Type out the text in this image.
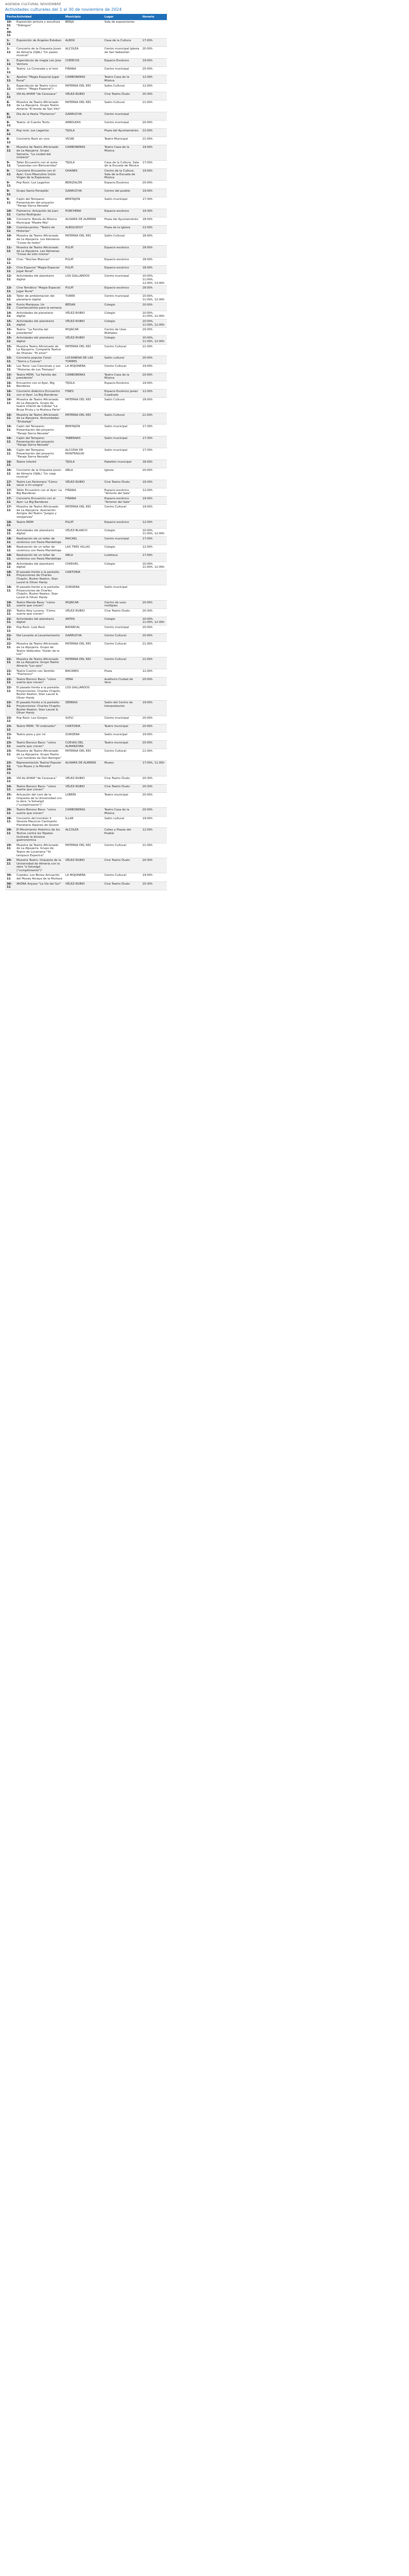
AGENDA CULTURAL NOVIEMBRE
Actividades culturales del 1 al 30 de noviembre de 2024
Fecha	Actividad	Municipio	Lugar	Horario
10-31 a 30-11	Exposición pintura y escultura "Diálogos"	BERJA	Sala de exposiciones	
1-11	Exposición de Ángeles Esteban	ALBOX	Casa de la Cultura	17:00h
1-11	Concierto de la Orquesta Joven de Almería (OJAL) "Un paseo musical"	ALCOLEA	Centro municipal Iglesia de San Sebastián	20:00h
1-11	Espectáculo de magia con Jose Ventura	CHERCOS	Espacio Escénico	19:00h
1-11	Teatro: La Coronada y el toro	FIÑANA	Centro municipal	20:00h
1-11	Ajedrez "Magia Espacial Jugar Rural"	CARBONERAS	Teatro Casa de la Música	12:00h
1-11	Espectáculo de Teatro (circo clásico: "Magia Espacial")	PATERNA DEL RÍO	Salón Cultural	12:00h
1-11	VIII-AL-KHAM "de Caravaca"	VÉLEZ-RUBIO	Cine Teatro Óvalo	20:30h
8-11	Muestra de Teatro Aficionado de La Alpujarra. Grupo Teatro Almería "El borde de San Vito"	PATERNA DEL RÍO	Salón Cultural	21:00h
8-11	Día de la fiesta "Flamenco"	GARRUCHA	Centro municipal	
8-11	Teatro: el Cuento Tonto	ARBOLEAS	Centro municipal	20:00h
8-11	Pop rock: Los Lagartos	TIJOLA	Plaza del Ayuntamiento	22:00h
8-11	Concierto Rock en vivo	VÍCAR	Teatro Municipal	21:00h
9-11	Muestra de Teatro Aficionado de La Alpujarra. Grupo Samaria. "La ciudad del misterio"	CARBONERAS	Teatro Casa de la Música	19:00h
9-11	Taller Encuentro con el autor "Leyendas con Bienvenidas"	TÍJOLA	Casa de la Cultura. Sala de la Escuela de Música	17:00h
9-11	Concierto Encuentro con el Ayer: Coro Masculino Unión Virgen de la Esperanza	OHANES	Centro de la Cultura. Sala de la Escuela de Música	19:00h
9-11	Pop Rock: Los Lagartos	BENIZALÓN	Espacio Escénico	20:00h
9-11	Grupo Santo Peneplán	GARRUCHA	Centro del pueblo	19:00h
9-11	Cajón del Tempano: Presentación del proyecto "Paraje Sierra Nevada"	BENTAJÓN	Salón municipal	17:30h
10-11	Flamenco: Actuación de Juan Carlos Rodríguez	PURCHENA	Espacio escénico	19:30h
10-11	Concierto: Banda de Música Municipal "Madre Mía"	ALHAMA DE ALMERÍA	Plaza del Ayuntamiento	18:00h
10-11	Cuentacuentos: "Teatro de Historias"	ALBOLODUY	Plaza de la Iglesia	12:00h
10-11	Muestra de Teatro Aficionado de La Alpujarra. Los Kelvianos "Cosas de todos"	PATERNA DEL RÍO	Salón Cultural	18:00h
11-11	Muestra de Teatro Aficionado de La Alpujarra. Las Kelsianas "Cosas de solo mismo"	PULPÍ	Espacio escénico	18:00h
12-11	Cine: "Noches Blancas"	PULPÍ	Espacio escénico	18:00h
12-11	Cine Espacial "Magia Espacial Jugar Rural"	PULPÍ	Espacio escénico	18:00h
12-11	Actividades del planetario digital	LOS GALLARDOS	Centro municipal	10:00h, 11:00h, 12:00h, 13:00h
13-11	Cine Temático "Magia Espacial Jugar Rural"	PULPÍ	Espacio escénico	18:00h
13-11	Taller de ambientación del planetario digital	TURRE	Centro municipal	10:00h, 11:00h, 12:00h
14-11	Punto Mariposa: Un Cuentacuentos para la semana	BÉDAR	Colegio	10:00h
14-11	Actividades de planetario digital	VÉLEZ-RUBIO	Colegio	10:00h, 11:00h, 12:00h
15-11	Actividades del planetario digital	VÉLEZ-RUBIO	Colegio	10:00h, 11:00h, 12:00h
15-11	Teatro: "La Familia del presidente"	MOJÁCAR	Centro de Usos Múltiples	20:00h
15-11	Actividades del planetario digital	VÉLEZ-RUBIO	Colegio	10:00h, 11:00h, 12:00h
15-11	Muestra Teatro Aficionado de La Alpujarra. Compañía Teatral de Ohanes: "El amor"	PATERNA DEL RÍO	Centro Cultural	21:00h
15-11	Concierto popular Coral: "Sierra y Cuevas"	LUCAINENA DE LAS TORRES	Salón cultural	20:00h
15-11	Los Toros: Las Canciones y sus "Historias de Los Tiempos"	LA MOJONERA	Centro Cultural	19:00h
15-11	Teatro MDM, "La Familia del presidente"	CARBONERAS	Teatro Casa de la Música	20:00h
16-11	Encuentro con el Ayer, Big Banderas	TÍJOLA	Espacio Escénico	19:00h
16-11	Concierto didáctico Encuentro con el Ayer: La Big Banderas	FINES	Espacio Escénico Javier Cuadrado	12:00h
16-11	Muestra de Teatro Aficionado de La Alpujarra. Grupo de teatro infantil de Cóbdar "La Bruja Pirula y la Muñeca Perla"	PATERNA DEL RÍO	Salón Cultural	18:00h
16-11	Muestra de Teatro Aficionado de La Alpujarra. Anmundadas "Embalaje"	PATERNA DEL RÍO	Salón Cultural	21:00h
16-11	Cajón del Tempano: Presentación del proyecto "Paraje Sierra Nevada"	BENTAJÓN	Salón municipal	17:30h
16-11	Cajón del Tempano: Presentación del proyecto "Paraje Sierra Nevada"	TABERNAS	Salón municipal	17:30h
16-11	Cajón del Tempano: Presentación del proyecto "Paraje Sierra Nevada"	ALCUDIA DE MONTEAGUD	Salón municipal	17:30h
16-11	Teatro Infantil	TÍJOLA	Pabellón municipal	18:00h
16-11	Concierto de la Orquesta Joven de Almería (OJAL) "Un viaje musical"	ABLA	Iglesia	20:00h
17-11	Teatro Los Pantonera "Cómo sacar a mi suegra"	VÉLEZ-RUBIO	Cine Teatro Óvalo	19:30h
17-11	Taller Encuentro con el Ayer: La Big Banderas	FIÑANA	Espacio escénico "Antonio del Sale"	12:00h
17-11	Concierto Encuentro con el Ayer: La Big Banderas	FIÑANA	Espacio escénico "Antonio del Sale"	19:00h
17-11	Muestra de Teatro Aficionado de La Alpujarra: Asociación Amigos del Teatro "Juegos y venganzas"	PATERNA DEL RÍO	Centro Cultural	19:00h
18-11	Teatro MDM	PULPÍ	Espacio escénico	12:00h
18-11	Actividades del planetario digital	VÉLEZ-BLANCO	Colegio	10:00h, 11:00h, 12:00h
18-11	Realización de un taller de cerámica con Paola Mandeltaje	MACAEL	Centro municipal	17:00h
18-11	Realización de un taller de cerámica con Paola Mandeltaje	LAS TRES VILLAS	Colegio	12:00h
18-11	Realización de un taller de cerámica con Paola Mandeltaje	ABLA	Ludoteca	17:00h
18-11	Actividades del planetario digital	CHIRIVEL	Colegio	10:00h, 11:00h, 12:00h
18-11	El pasado frente a la pantalla: Proyecciones de Charles Chaplin, Buster Keaton, Stan Laurel & Oliver Hardy	CANTORIA		
18-11	El pasado frente a la pantalla: Proyecciones de Charles Chaplin, Buster Keaton, Stan Laurel & Oliver Hardy	ZURGENA	Salón municipal	
19-11	Teatro Mendo Baso: "cómo suerte que crecen"	MOJÁCAR	Centro de usos múltiples	20:00h
22-11	Teatro Aloy Lucena: "Cómo suerte que crecen"	VÉLEZ-RUBIO	Cine Teatro Óvalo	20:30h
22-11	Actividades del planetario digital	ANTAS	Colegio	10:00h, 11:00h, 12:00h
22-11	Pop Rock: Lola Rock	BAYARCAL	Centro municipal	20:00h
22-11	Del Levante al Levantamiento	GARRUCHA	Centro Cultural	20:00h
22-11	Muestra de Teatro Aficionado de La Alpujarra. Grupo de Teatro Vallecidos "Quién de la Luz"	PATERNA DEL RÍO	Centro Cultural	21:00h
22-11	Muestra de Teatro Aficionado de La Alpujarra: Grupo Teatro Almería "Los ojos"	PATERNA DEL RÍO	Centro Cultural	21:00h
22-11	Teatro Cuento con Sentido "Flamenco"	BACARES	Plaza	12:00h
22-11	Teatro Bonoco Baco: "cómo suerte que crecen"	VERA	Auditorio Ciudad de Vera	20:00h
22-11	El pasado frente a la pantalla: Proyecciones: Charles Chaplin, Buster Keaton, Stan Laurel & Oliver Hardy	LOS GALLARDOS		
22-11	El pasado frente a la pantalla: Proyecciones: Charles Chaplin, Buster Keaton, Stan Laurel & Oliver Hardy	SÉRBIAS	Salón del Centro de Interpretación	19:00h
23-11	Pop Rock: Los Gorgos	SUFLÍ	Centro municipal	20:00h
23-11	Teatro MDM, "El ordenador"	CANTORIA	Teatro municipal	20:00h
23-11	Teatro para y por mí	ZURGENA	Salón municipal	19:00h
23-11	Teatro Bonoco Baco: "cómo suerte que crecen"	CUEVAS DEL ALMANZORA	Teatro municipal	20:00h
23-11	Muestra de Teatro Aficionado de La Alpujarra: Grupo Teatro "Los hombres de Don Remigio"	PATERNA DEL RÍO	Centro Cultural	21:00h
23-11 24-11	Representación Teatral Popular "Los Reyes y la Moreda"	ALHAMA DE ALMERÍA	Museo	17:00h, 11:00h
24-11	VIII-AL-KHAM "de Caravaca"	VÉLEZ-RUBIO	Cine Teatro Óvalo	20:30h
24-11	Teatro Bonoco Baco: "cómo suerte que crecen"	VÉLEZ-RUBIO	Cine Teatro Óvalo	20:30h
25-11	Actuación del coro de la Orquesta de la Universidad con la obra "a Solveigd ("cumplimiento")"	LUBRÍN	Teatro municipal	20:00h
26-11	Teatro Bonoco Baco: "cómo suerte que crecen"	CARBONERAS	Teatro Casa de la Música	20:00h
28-11	Concierto del trombón Il Veranie Mauricio Cantisanto Planetario Alpanes de Quixon	ÍLLAR	Salón cultural	19:00h
28-11	El Movimiento Histórico de los Techos contra los Tejados ilustrado la divisora gastronómica	ALCOLEA	Calles y Plazas del Pueblo	12:00h
29-11	Muestra de Teatro Aficionado de La Alpujarra: Grupo de Teatro de Lucainena "Yo tampoco Espectra"	PATERNA DEL RÍO	Centro Cultural	21:00h
29-11	Muestra Teatro: Orquesta de la Universidad de Almería con la obra "a Solveigd ("cumplimiento")"	VÉLEZ-RUBIO	Cine Teatro Óvalo	20:30h
30-11	Cupidos: Los Bonos Actuación del Museo Amaya de la Muñoza	LA MOJONERA	Centro Cultural	19:00h
30-11	AKDRA Arqueo "La Vía del Sur"	VÉLEZ-RUBIO	Cine Teatro Óvalo	20:30h
